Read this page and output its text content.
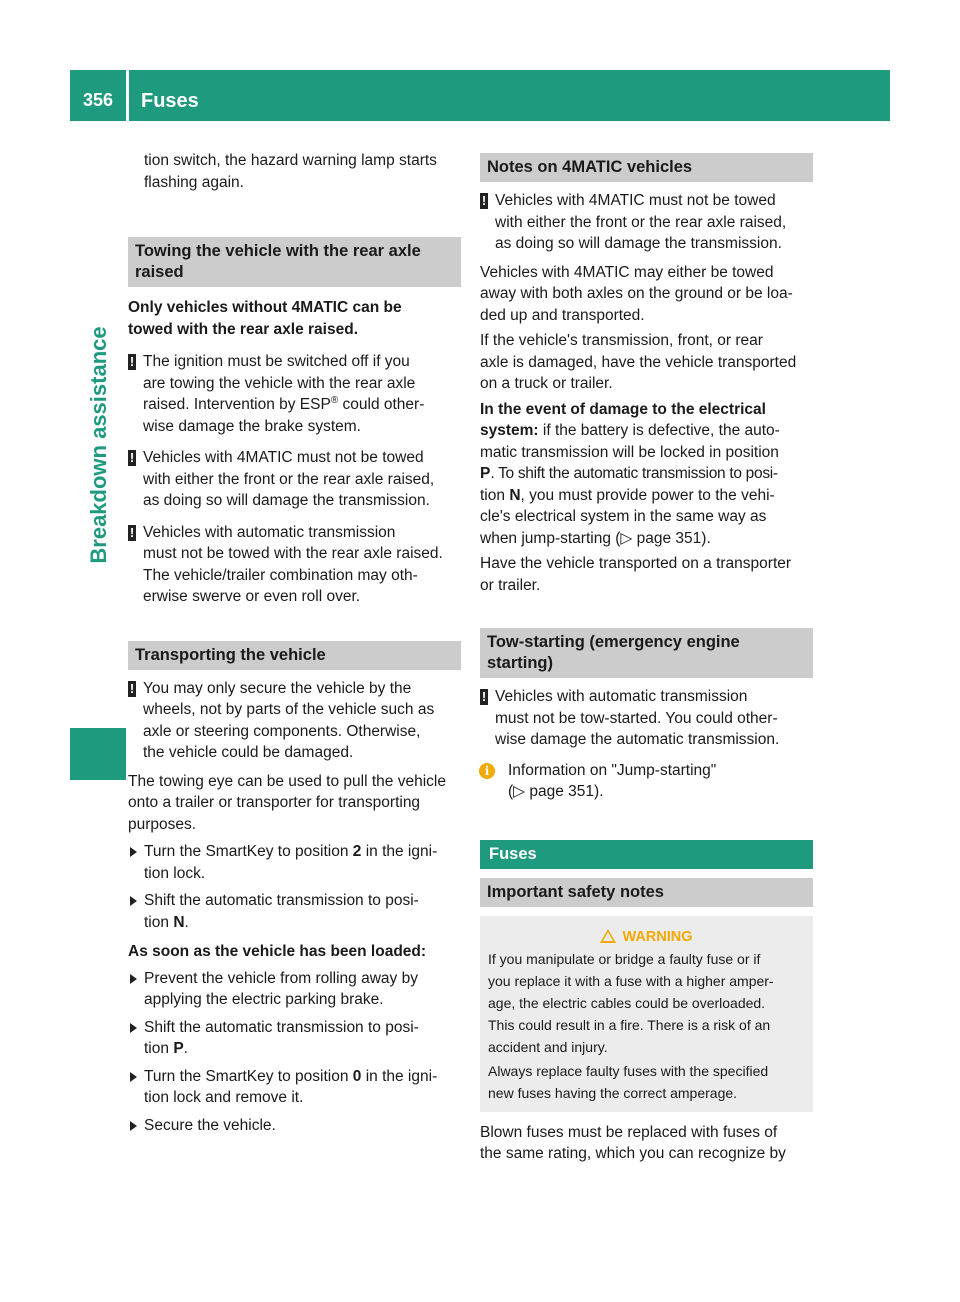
356	Fuses
Breakdown assistance

tion switch, the hazard warning lamp starts
flashing again.

Towing the vehicle with the rear axle
raised

Only vehicles without 4MATIC can be
towed with the rear axle raised.

! The ignition must be switched off if you
are towing the vehicle with the rear axle
raised. Intervention by ESP® could other-
wise damage the brake system.
! Vehicles with 4MATIC must not be towed
with either the front or the rear axle raised,
as doing so will damage the transmission.
! Vehicles with automatic transmission
must not be towed with the rear axle raised.
The vehicle/trailer combination may oth-
erwise swerve or even roll over.
Transporting the vehicle
! You may only secure the vehicle by the
wheels, not by parts of the vehicle such as
axle or steering components. Otherwise,
the vehicle could be damaged.

The towing eye can be used to pull the vehicle
onto a trailer or transporter for transporting
purposes.

Turn the SmartKey to position 2 in the igni-
tion lock.
Shift the automatic transmission to posi-
tion N.

As soon as the vehicle has been loaded:

Prevent the vehicle from rolling away by
applying the electric parking brake.
Shift the automatic transmission to posi-
tion P.
Turn the SmartKey to position 0 in the igni-
tion lock and remove it.
Secure the vehicle.
Notes on 4MATIC vehicles
! Vehicles with 4MATIC must not be towed
with either the front or the rear axle raised,
as doing so will damage the transmission.

Vehicles with 4MATIC may either be towed
away with both axles on the ground or be loa-
ded up and transported.

If the vehicle's transmission, front, or rear
axle is damaged, have the vehicle transported
on a truck or trailer.

In the event of damage to the electrical
system: if the battery is defective, the auto-
matic transmission will be locked in position
P. To shift the automatic transmission to posi-
tion N, you must provide power to the vehi-
cle's electrical system in the same way as
when jump-starting (▷ page 351).

Have the vehicle transported on a transporter
or trailer.

Tow-starting (emergency engine
starting)
! Vehicles with automatic transmission
must not be tow-started. You could other-
wise damage the automatic transmission.
i	Information on "Jump-starting"
(▷ page 351).
Fuses
Important safety notes
WARNING
If you manipulate or bridge a faulty fuse or if
you replace it with a fuse with a higher amper-
age, the electric cables could be overloaded.
This could result in a fire. There is a risk of an
accident and injury.
Always replace faulty fuses with the specified
new fuses having the correct amperage.

Blown fuses must be replaced with fuses of
the same rating, which you can recognize by
